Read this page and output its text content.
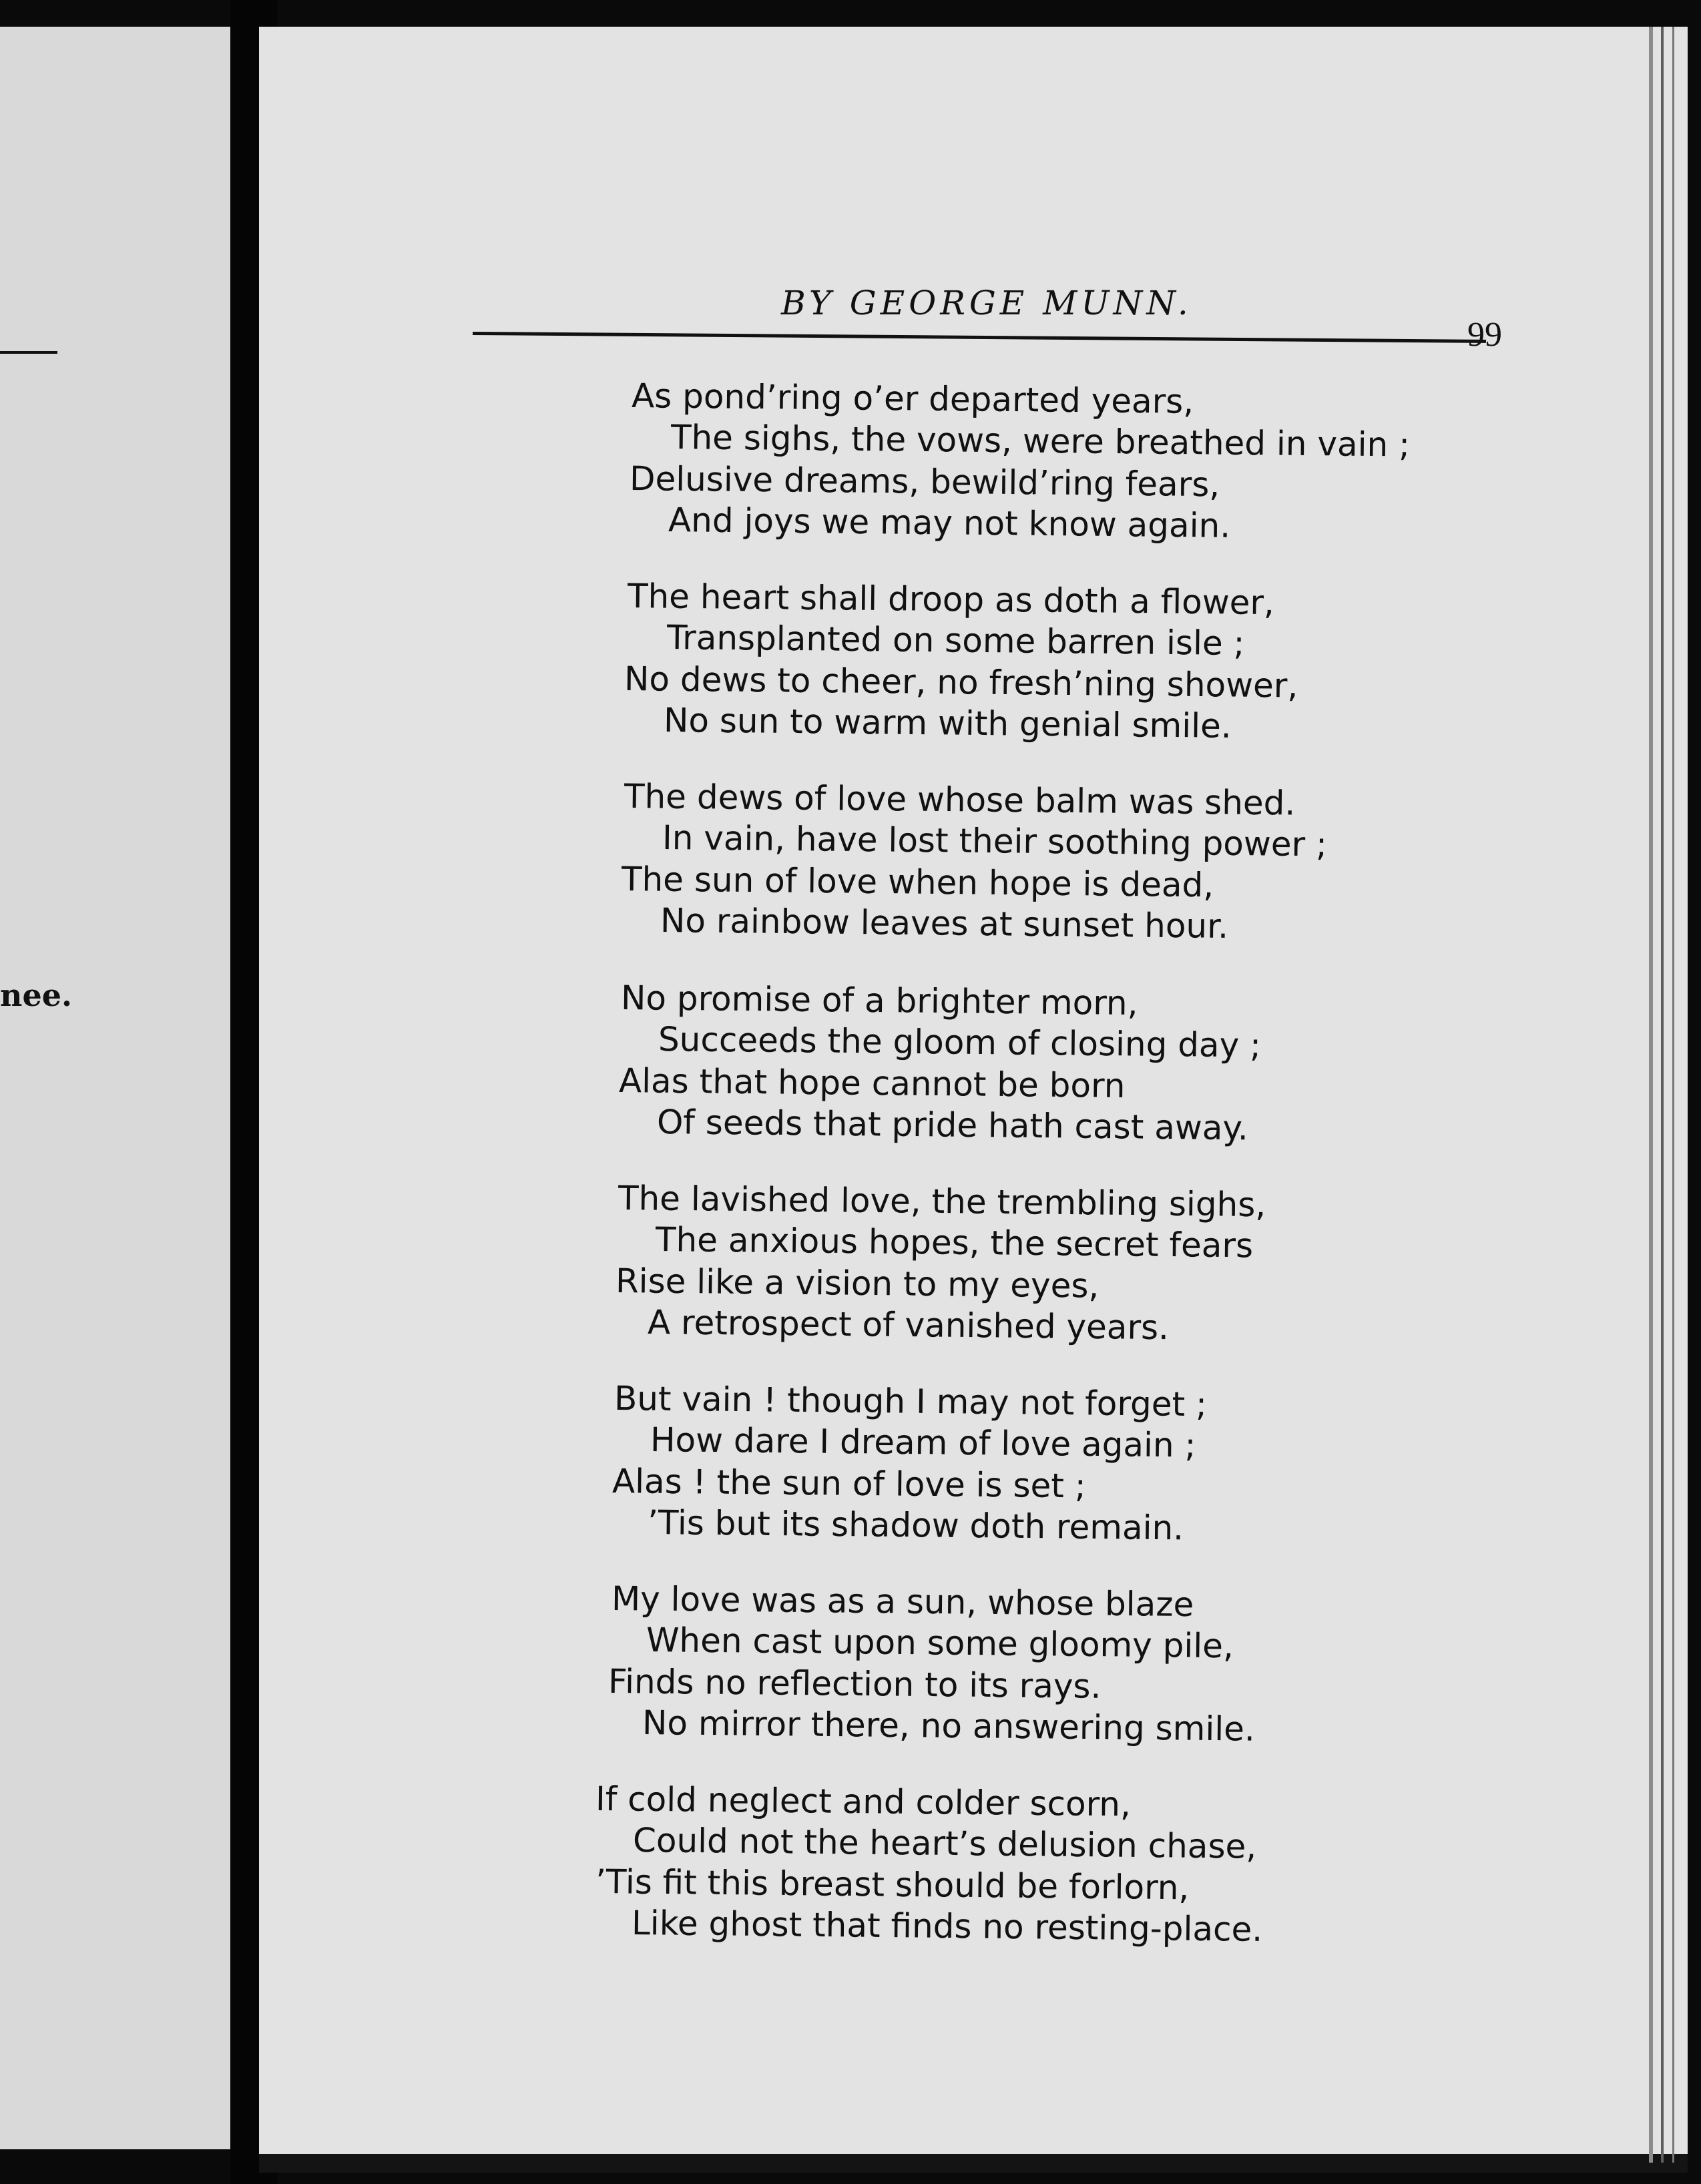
nee.
BY GEORGE MUNN.
99
As pond’ring o’er departed years,
The sighs, the vows, were breathed in vain ;
Delusive dreams, bewild’ring fears,
And joys we may not know again.
The heart shall droop as doth a flower,
Transplanted on some barren isle ;
No dews to cheer, no fresh’ning shower,
No sun to warm with genial smile.
The dews of love whose balm was shed.
In vain, have lost their soothing power ;
The sun of love when hope is dead,
No rainbow leaves at sunset hour.
No promise of a brighter morn,
Succeeds the gloom of closing day ;
Alas that hope cannot be born
Of seeds that pride hath cast away.
The lavished love, the trembling sighs,
The anxious hopes, the secret fears
Rise like a vision to my eyes,
A retrospect of vanished years.
But vain ! though I may not forget ;
How dare I dream of love again ;
Alas ! the sun of love is set ;
’Tis but its shadow doth remain.
My love was as a sun, whose blaze
When cast upon some gloomy pile,
Finds no reflection to its rays.
No mirror there, no answering smile.
If cold neglect and colder scorn,
Could not the heart’s delusion chase,
’Tis fit this breast should be forlorn,
Like ghost that finds no resting-place.
